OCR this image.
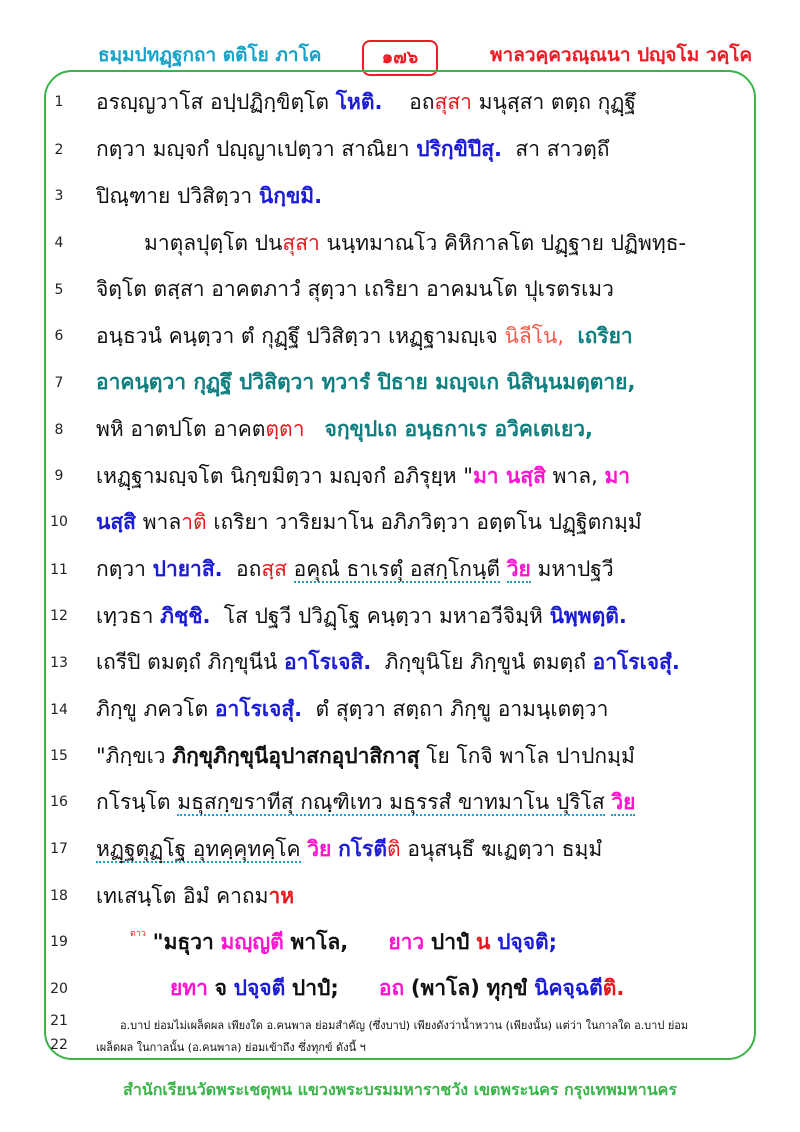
ธมฺมปทฏฺฐกถา ตติโย ภาโค	๑๗๖	พาลวคฺควณฺณนา ปญฺจโม วคฺโค
1
2
3
4
5
6
7
8
9
10
11
12
13
14
15
16
17
18
19
20
21
22
อรญฺญวาโส อปฺปฏิกฺขิตฺโต โหติ. อถสุสา มนุสฺสา ตตฺถ กุฏฺฐึ
กตฺวา มญฺจกํ ปญฺญาเปตฺวา สาณิยา ปริกฺขิปึสุ. สา สาวตฺถึ
ปิณฺฑาย ปวิสิตฺวา นิกฺขมิ.
มาตุลปุตฺโต ปนสุสา นนฺทมาณโว คิหิกาลโต ปฏฺฐาย ปฏิพทฺธ-
จิตฺโต ตสฺสา อาคตภาวํ สุตฺวา เถริยา อาคมนโต ปุเรตรเมว
อนฺธวนํ คนฺตฺวา ตํ กุฏฺฐึ ปวิสิตฺวา เหฏฺฐามญฺเจ นิลีโน, เถริยา
อาคนฺตฺวา กุฏฺฐึ ปวิสิตฺวา ทฺวารํ ปิธาย มญฺจเก นิสินฺนมตฺตาย,
พหิ อาตปโต อาคตตฺตา จกฺขุปเถ อนฺธกาเร อวิคเตเยว,
เหฏฺฐามญฺจโต นิกฺขมิตฺวา มญฺจกํ อภิรุยฺห "มา นสฺสิ พาล, มา
นสฺสิ พาลาติ เถริยา วาริยมาโน อภิภวิตฺวา อตฺตโน ปฏฺฐิตกมฺมํ
กตฺวา ปายาสิ. อถสฺส อคุณํ ธาเรตุํ อสกฺโกนฺตี วิย มหาปฐวี
เทฺวธา ภิชฺชิ. โส ปฐวี ปวิฏฺโฐ คนฺตฺวา มหาอวีจิมฺหิ นิพฺพตฺติ.
เถรีปิ ตมตฺถํ ภิกฺขุนีนํ อาโรเจสิ. ภิกฺขุนิโย ภิกฺขูนํ ตมตฺถํ อาโรเจสุํ.
ภิกฺขู ภควโต อาโรเจสุํ. ตํ สุตฺวา สตฺถา ภิกฺขู อามนฺเตตฺวา
"ภิกฺขเว ภิกฺขุภิกฺขุนีอุปาสกอุปาสิกาสุ โย โกจิ พาโล ปาปกมฺมํ
กโรนฺโต มธุสกฺขราทีสุ กณฺฑิเทว มธุรรสํ ขาทมาโน ปุริโส วิย
หฏฺฐตุฏฺโฐ อุทคฺคุทคฺโค วิย กโรตีติ อนุสนฺธึ ฆเฏตฺวา ธมฺมํ
เทเสนฺโต อิมํ คาถมาห
$^{ตาว}$ "มธุวา มญฺญตี พาโล, ยาว ปาปํ น ปจฺจติ;
ยทา จ ปจฺจตี ปาปํ; อถ (พาโล) ทุกฺขํ นิคจฺฉตีติ.
อ.บาป ย่อมไม่เผล็ดผล เพียงใด อ.คนพาล ย่อมสำคัญ (ซึ่งบาป) เพียงดังว่าน้ำหวาน (เพียงนั้น) แต่ว่า ในกาลใด อ.บาป ย่อม
เผล็ดผล ในกาลนั้น (อ.คนพาล) ย่อมเข้าถึง ซึ่งทุกข์ ดังนี้ ฯ
สำนักเรียนวัดพระเชตุพน แขวงพระบรมมหาราชวัง เขตพระนคร กรุงเทพมหานคร
